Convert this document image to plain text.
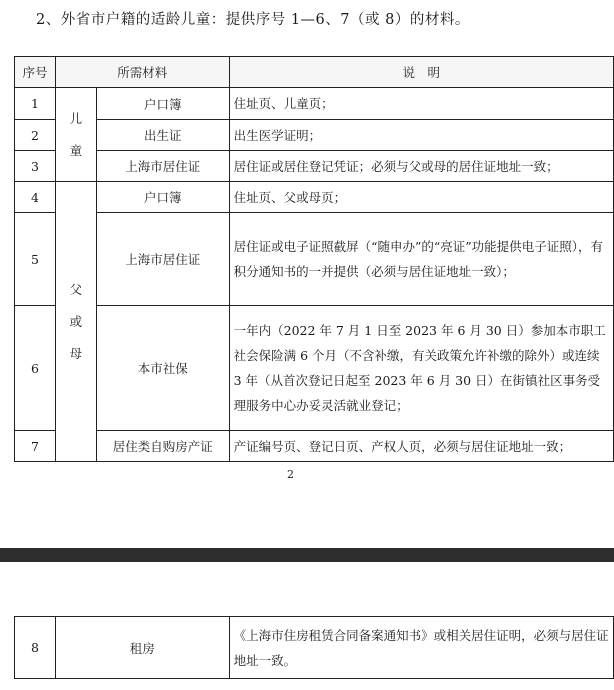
2、外省市户籍的适龄儿童：提供序号 1—6、7（或 8）的材料。
序号	所需材料		说　明
1	儿童	户口簿	住址页、儿童页；
2		出生证	出生医学证明；
3		上海市居住证	居住证或居住登记凭证；必须与父或母的居住证地址一致；
4	父或母	户口簿	住址页、父或母页；
5		上海市居住证	居住证或电子证照截屏（“随申办”的“亮证”功能提供电子证照），有积分通知书的一并提供（必须与居住证地址一致）；
6		本市社保	一年内（2022 年 7 月 1 日至 2023 年 6 月 30 日）参加本市职工社会保险满 6 个月（不含补缴，有关政策允许补缴的除外）或连续 3 年（从首次登记日起至 2023 年 6 月 30 日）在街镇社区事务受理服务中心办妥灵活就业登记；
7		居住类自购房产证	产证编号页、登记日页、产权人页，必须与居住证地址一致；
2
8	租房	《上海市住房租赁合同备案通知书》或相关居住证明，必须与居住证地址一致。
